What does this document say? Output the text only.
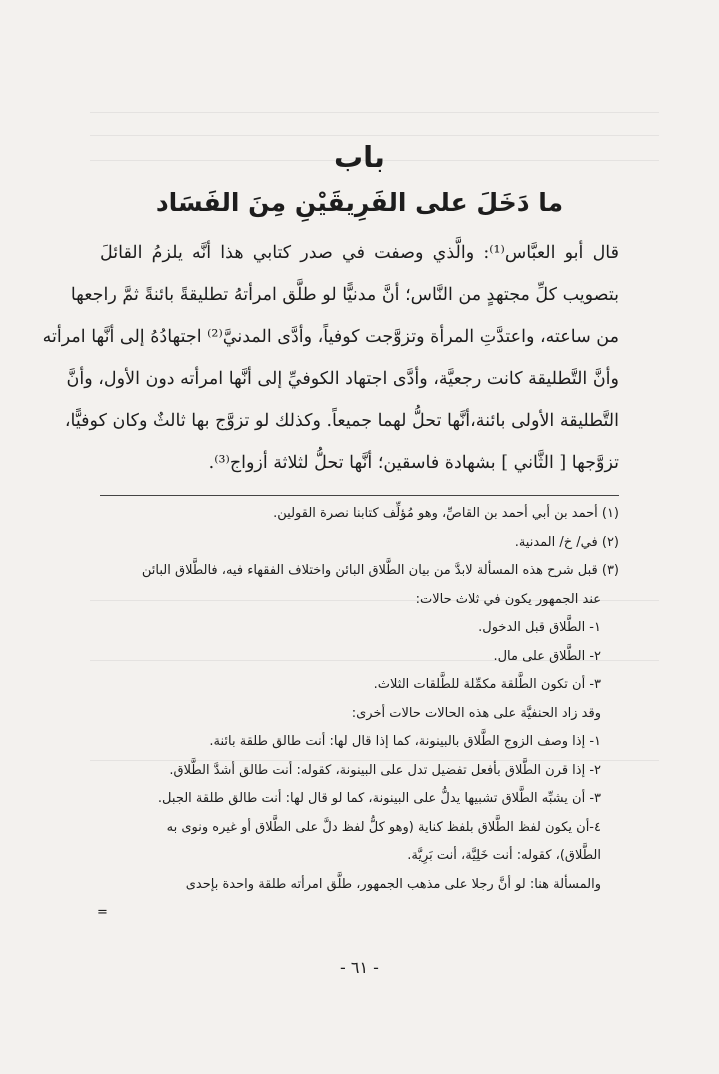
باب
ما دَخَلَ على الفَرِيقَيْنِ مِنَ الفَسَاد
قال أبو العبَّاس⁽¹⁾: والَّذي وصفت في صدر كتابي هذا أنَّه يلزمُ القائلَ
بتصويب كلِّ مجتهدٍ من النَّاس؛ أنَّ مدنيًّا لو طلَّق امرأتهُ تطليقةً بائنةً ثمَّ راجعها
من ساعته، واعتدَّتِ المرأة وتزوَّجت كوفياً، وأدَّى المدنيَّ⁽²⁾ اجتهادُهُ إلى أنَّها امرأته
وأنَّ التَّطليقة كانت رجعيَّة، وأدَّى اجتهاد الكوفيِّ إلى أنَّها امرأته دون الأول، وأنَّ
التَّطليقة الأولى بائنة،أنَّها تحلُّ لهما جميعاً. وكذلك لو تزوَّج بها ثالثٌ وكان كوفيًّا،
تزوَّجها [ الثَّاني ] بشهادة فاسقين؛ أنَّها تحلُّ لثلاثة أزواج⁽³⁾.
(١) أحمد بن أبي أحمد بن القاصِّ، وهو مُؤلِّف كتابنا نصرة القولين.
(٢) في/ خ/ المدنية.
(٣) قبل شرح هذه المسألة لابدَّ من بيان الطَّلاق البائن واختلاف الفقهاء فيه، فالطَّلاق البائن
عند الجمهور يكون في ثلاث حالات:
١- الطَّلاق قبل الدخول.
٢- الطَّلاق على مال.
٣- أن تكون الطَّلقة مكمِّلة للطَّلقات الثلاث.
وقد زاد الحنفيَّة على هذه الحالات حالات أخرى:
١- إذا وصف الزوج الطَّلاق بالبينونة، كما إذا قال لها: أنت طالق طلقة بائنة.
٢- إذا قرن الطَّلاق بأفعل تفضيل تدل على البينونة، كقوله: أنت طالق أشدَّ الطَّلاق.
٣- أن يشبِّه الطَّلاق تشبيها يدلُّ على البينونة، كما لو قال لها: أنت طالق طلقة الجبل.
٤-أن يكون لفظ الطَّلاق بلفظ كناية (وهو كلُّ لفظ دلَّ على الطَّلاق أو غيره ونوى به
الطَّلاق)، كقوله: أنت خَلِيَّة، أنت بَرِيَّة.
والمسألة هنا: لو أنَّ رجلا على مذهب الجمهور، طلَّق امرأته طلقة واحدة بإحدى
=
- ٦١ -
